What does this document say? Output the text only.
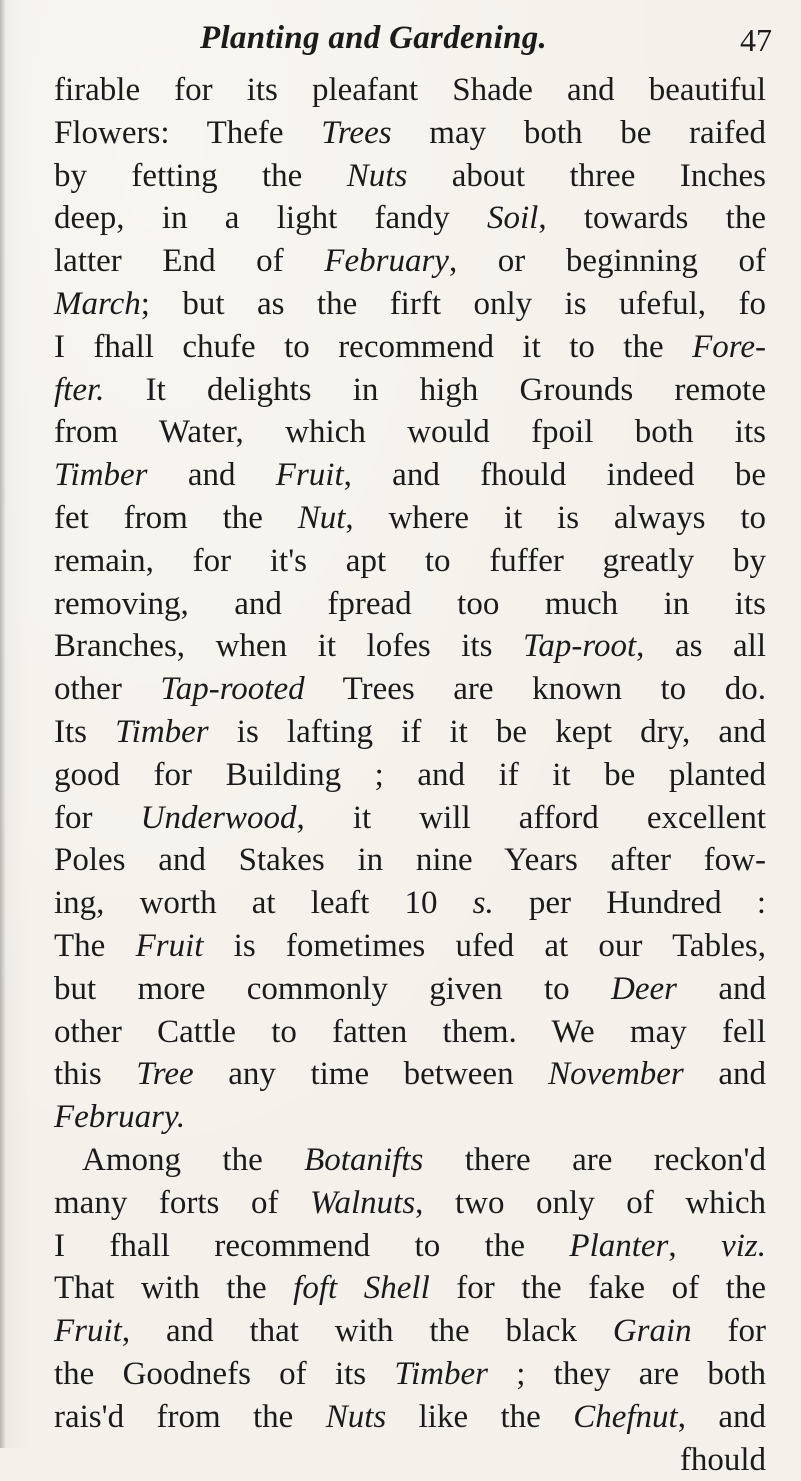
Planting and Gardening.	47
firable for its pleafant Shade and beautiful
Flowers: Thefe Trees may both be raifed
by fetting the Nuts about three Inches
deep, in a light fandy Soil, towards the
latter End of February, or beginning of
March; but as the firft only is ufeful, fo
I fhall chufe to recommend it to the Fore-
fter. It delights in high Grounds remote
from Water, which would fpoil both its
Timber and Fruit, and fhould indeed be
fet from the Nut, where it is always to
remain, for it's apt to fuffer greatly by
removing, and fpread too much in its
Branches, when it lofes its Tap-root, as all
other Tap-rooted Trees are known to do.
Its Timber is lafting if it be kept dry, and
good for Building ; and if it be planted
for Underwood, it will afford excellent
Poles and Stakes in nine Years after fow-
ing, worth at leaft 10 s. per Hundred :
The Fruit is fometimes ufed at our Tables,
but more commonly given to Deer and
other Cattle to fatten them. We may fell
this Tree any time between November and
February.
Among the Botanifts there are reckon'd
many forts of Walnuts, two only of which
I fhall recommend to the Planter, viz.
That with the foft Shell for the fake of the
Fruit, and that with the black Grain for
the Goodnefs of its Timber ; they are both
rais'd from the Nuts like the Chefnut, and
fhould
